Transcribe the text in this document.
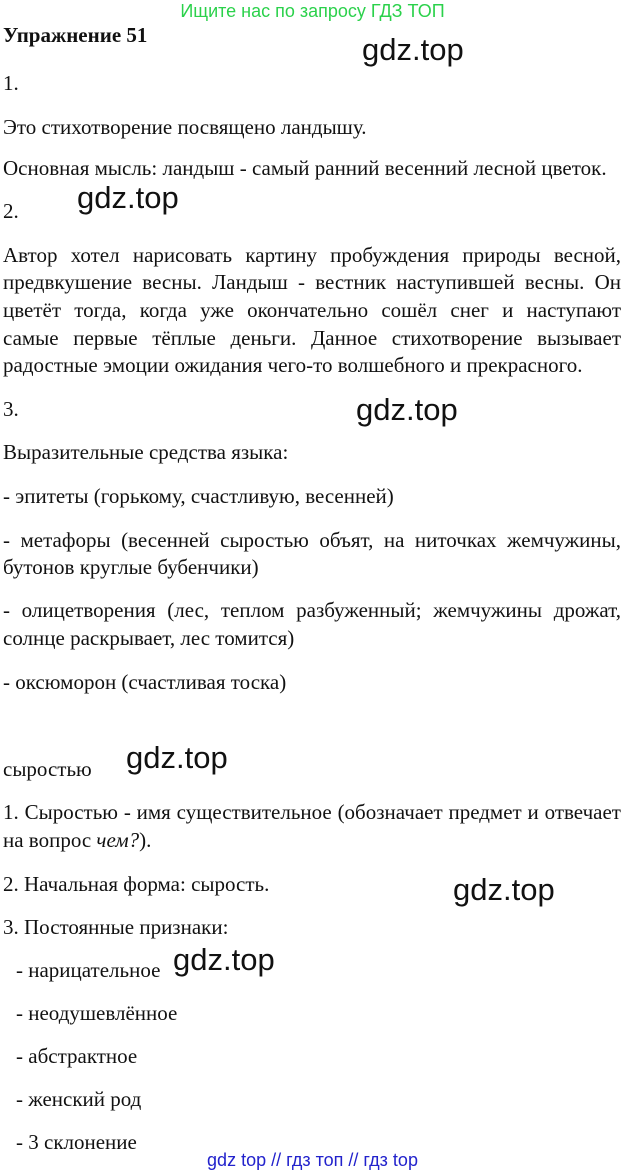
Ищите нас по запросу ГДЗ ТОП
gdz.top
gdz.top
gdz.top
gdz.top
gdz.top
gdz.top
Упражнение 51
1.
Это стихотворение посвящено ландышу.
Основная мысль: ландыш - самый ранний весенний лесной цветок.
2.
Автор хотел нарисовать картину пробуждения природы весной,
предвкушение весны. Ландыш - вестник наступившей весны. Он
цветёт тогда, когда уже окончательно сошёл снег и наступают
самые первые тёплые деньги. Данное стихотворение вызывает
радостные эмоции ожидания чего-то волшебного и прекрасного.
3.
Выразительные средства языка:
- эпитеты (горькому, счастливую, весенней)
- метафоры (весенней сыростью объят, на ниточках жемчужины,
бутонов круглые бубенчики)
- олицетворения (лес, теплом разбуженный; жемчужины дрожат,
солнце раскрывает, лес томится)
- оксюморон (счастливая тоска)
сыростью
1. Сыростью - имя существительное (обозначает предмет и отвечает
на вопрос чем?).
2. Начальная форма: сырость.
3. Постоянные признаки:
- нарицательное
- неодушевлённое
- абстрактное
- женский род
- 3 склонение
gdz top // гдз топ // гдз top
